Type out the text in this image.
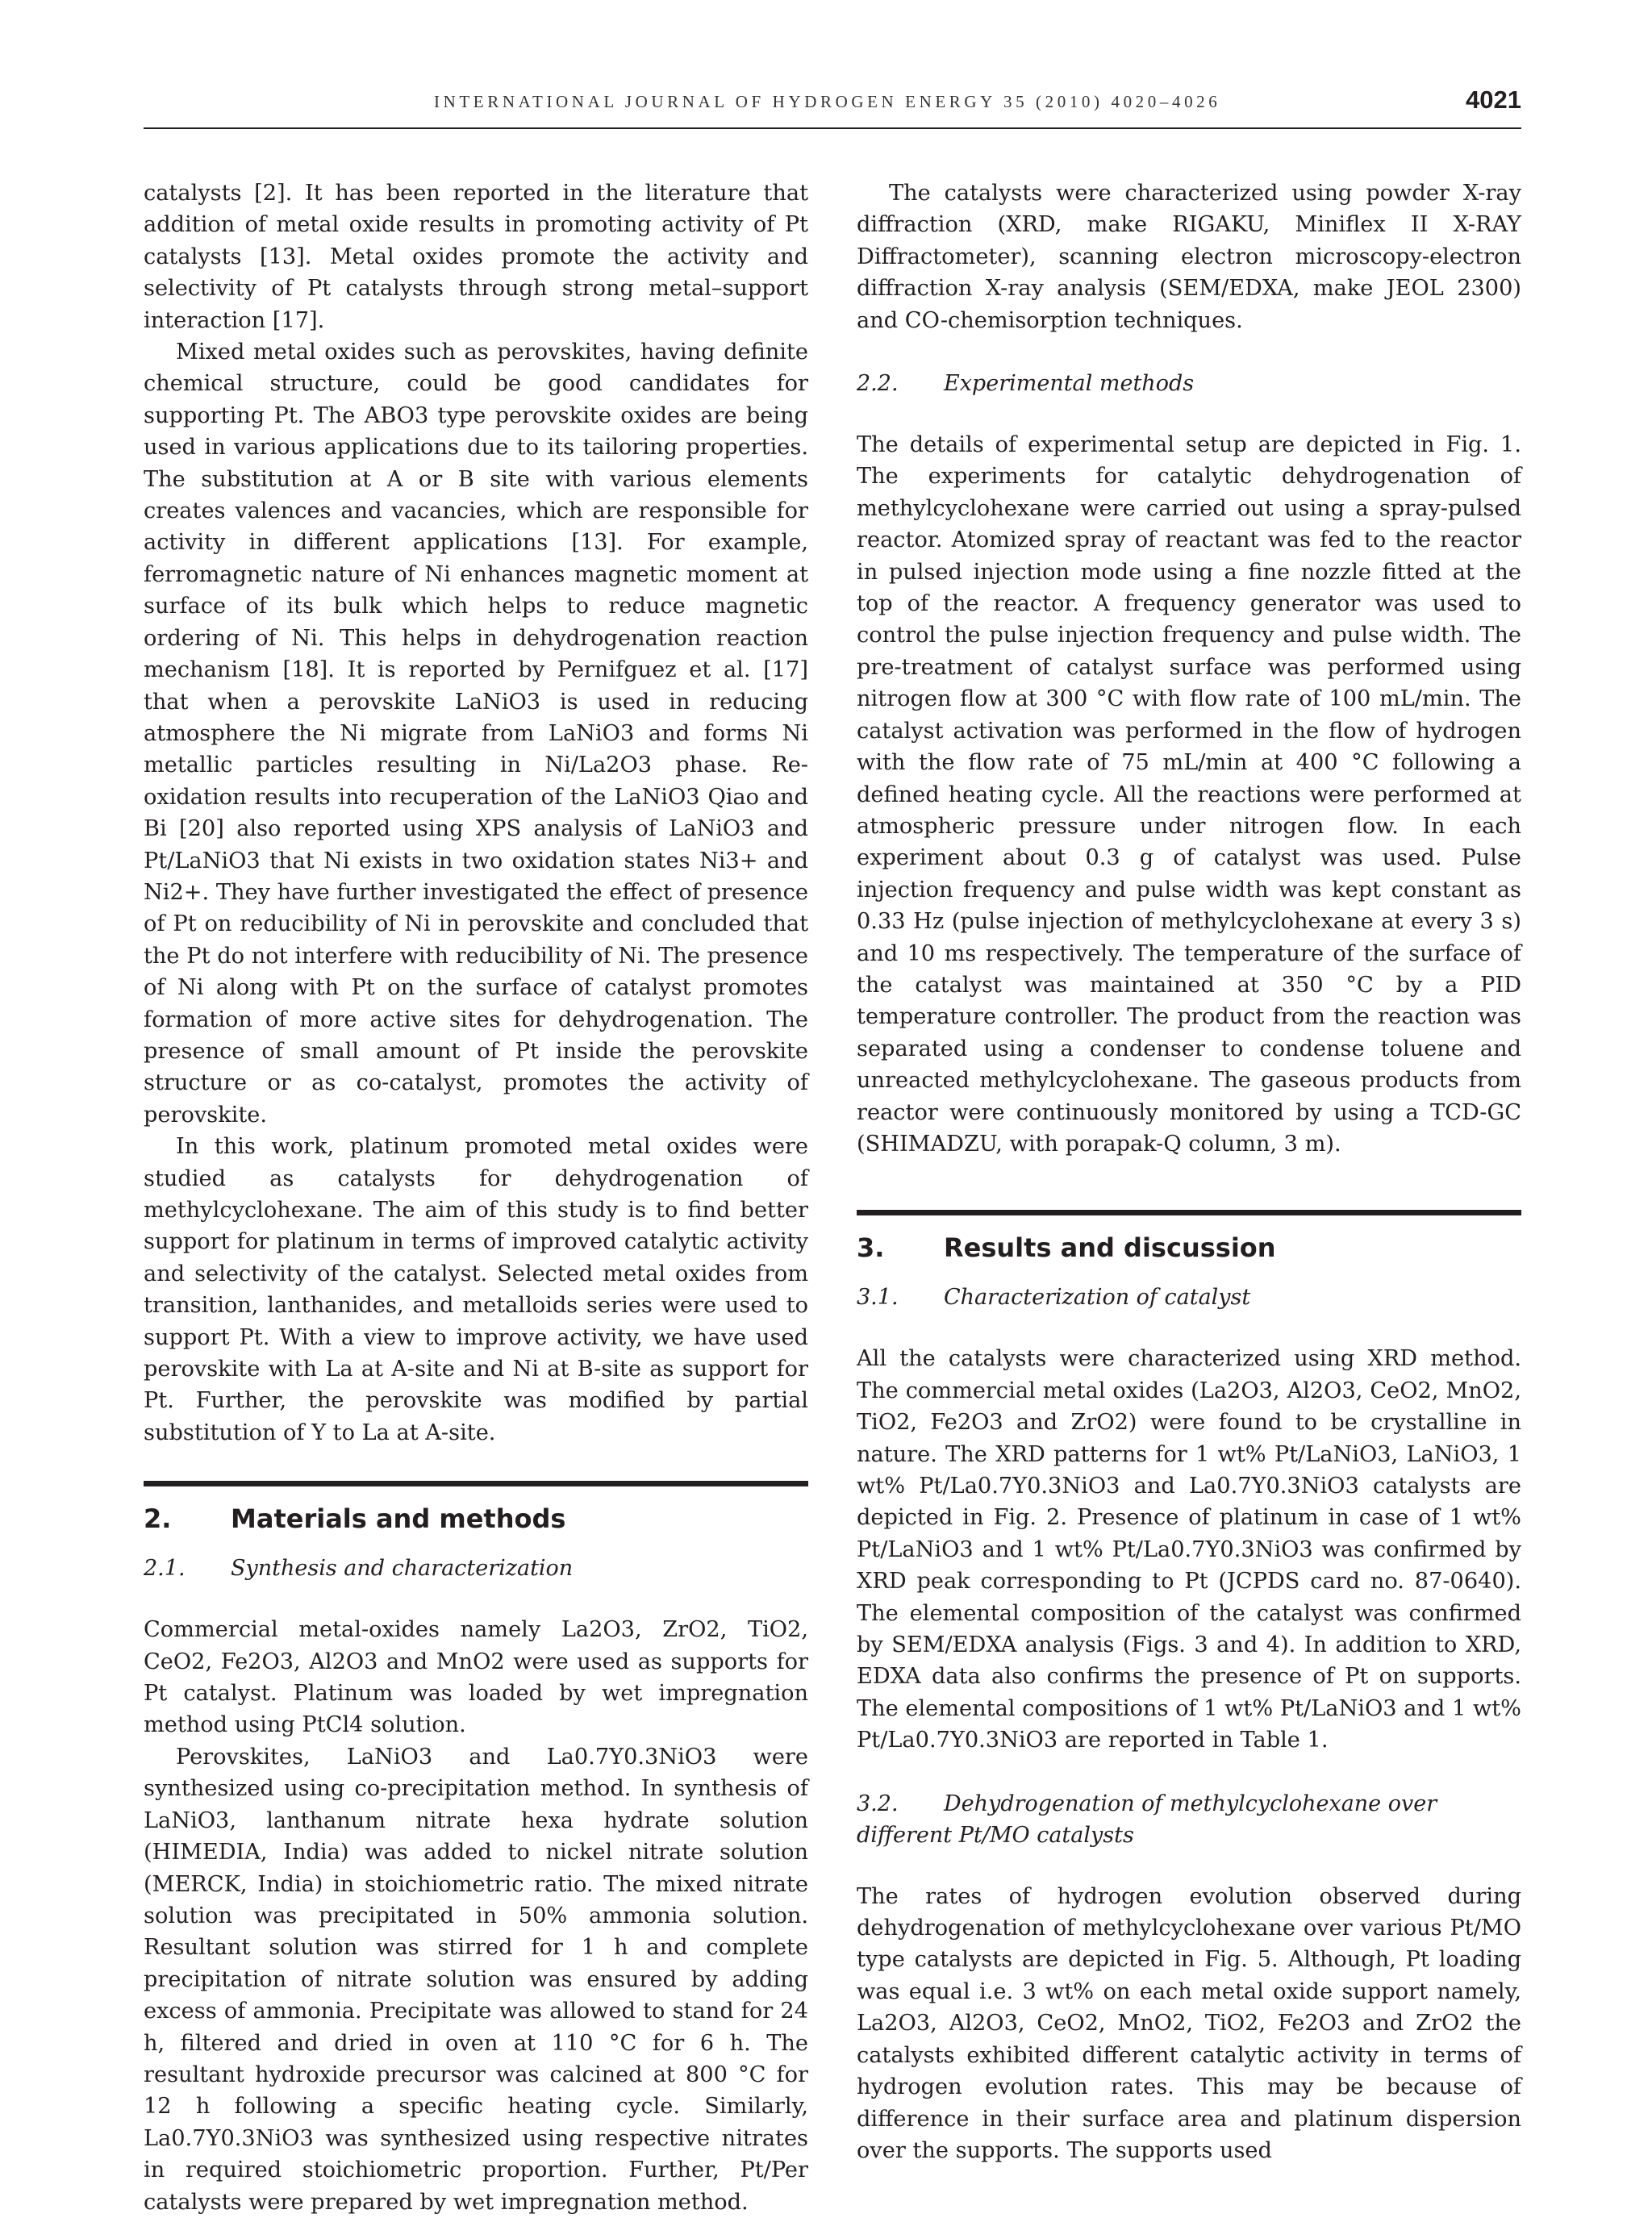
INTERNATIONAL JOURNAL OF HYDROGEN ENERGY 35 (2010) 4020–4026	4021

catalysts [2]. It has been reported in the literature that addition of metal oxide results in promoting activity of Pt catalysts [13]. Metal oxides promote the activity and selectivity of Pt catalysts through strong metal–support interaction [17].

Mixed metal oxides such as perovskites, having definite chemical structure, could be good candidates for supporting Pt. The ABO3 type perovskite oxides are being used in various applications due to its tailoring properties. The substitution at A or B site with various elements creates valences and vacancies, which are responsible for activity in different applications [13]. For example, ferromagnetic nature of Ni enhances magnetic moment at surface of its bulk which helps to reduce magnetic ordering of Ni. This helps in dehydrogenation reaction mechanism [18]. It is reported by Pernifguez et al. [17] that when a perovskite LaNiO3 is used in reducing atmosphere the Ni migrate from LaNiO3 and forms Ni metallic particles resulting in Ni/La2O3 phase. Re-oxidation results into recuperation of the LaNiO3 Qiao and Bi [20] also reported using XPS analysis of LaNiO3 and Pt/LaNiO3 that Ni exists in two oxidation states Ni3+ and Ni2+. They have further investigated the effect of presence of Pt on reducibility of Ni in perovskite and concluded that the Pt do not interfere with reducibility of Ni. The presence of Ni along with Pt on the surface of catalyst promotes formation of more active sites for dehydrogenation. The presence of small amount of Pt inside the perovskite structure or as co-catalyst, promotes the activity of perovskite.

In this work, platinum promoted metal oxides were studied as catalysts for dehydrogenation of methylcyclohexane. The aim of this study is to find better support for platinum in terms of improved catalytic activity and selectivity of the catalyst. Selected metal oxides from transition, lanthanides, and metalloids series were used to support Pt. With a view to improve activity, we have used perovskite with La at A-site and Ni at B-site as support for Pt. Further, the perovskite was modified by partial substitution of Y to La at A-site.

2. Materials and methods
2.1. Synthesis and characterization

Commercial metal-oxides namely La2O3, ZrO2, TiO2, CeO2, Fe2O3, Al2O3 and MnO2 were used as supports for Pt catalyst. Platinum was loaded by wet impregnation method using PtCl4 solution.

Perovskites, LaNiO3 and La0.7Y0.3NiO3 were synthesized using co-precipitation method. In synthesis of LaNiO3, lanthanum nitrate hexa hydrate solution (HIMEDIA, India) was added to nickel nitrate solution (MERCK, India) in stoichiometric ratio. The mixed nitrate solution was precipitated in 50% ammonia solution. Resultant solution was stirred for 1 h and complete precipitation of nitrate solution was ensured by adding excess of ammonia. Precipitate was allowed to stand for 24 h, filtered and dried in oven at 110 °C for 6 h. The resultant hydroxide precursor was calcined at 800 °C for 12 h following a specific heating cycle. Similarly, La0.7Y0.3NiO3 was synthesized using respective nitrates in required stoichiometric proportion. Further, Pt/Per catalysts were prepared by wet impregnation method.

The catalysts were characterized using powder X-ray diffraction (XRD, make RIGAKU, Miniflex II X-RAY Diffractometer), scanning electron microscopy-electron diffraction X-ray analysis (SEM/EDXA, make JEOL 2300) and CO-chemisorption techniques.

2.2. Experimental methods

The details of experimental setup are depicted in Fig. 1. The experiments for catalytic dehydrogenation of methylcyclohexane were carried out using a spray-pulsed reactor. Atomized spray of reactant was fed to the reactor in pulsed injection mode using a fine nozzle fitted at the top of the reactor. A frequency generator was used to control the pulse injection frequency and pulse width. The pre-treatment of catalyst surface was performed using nitrogen flow at 300 °C with flow rate of 100 mL/min. The catalyst activation was performed in the flow of hydrogen with the flow rate of 75 mL/min at 400 °C following a defined heating cycle. All the reactions were performed at atmospheric pressure under nitrogen flow. In each experiment about 0.3 g of catalyst was used. Pulse injection frequency and pulse width was kept constant as 0.33 Hz (pulse injection of methylcyclohexane at every 3 s) and 10 ms respectively. The temperature of the surface of the catalyst was maintained at 350 °C by a PID temperature controller. The product from the reaction was separated using a condenser to condense toluene and unreacted methylcyclohexane. The gaseous products from reactor were continuously monitored by using a TCD-GC (SHIMADZU, with porapak-Q column, 3 m).

3. Results and discussion
3.1. Characterization of catalyst

All the catalysts were characterized using XRD method. The commercial metal oxides (La2O3, Al2O3, CeO2, MnO2, TiO2, Fe2O3 and ZrO2) were found to be crystalline in nature. The XRD patterns for 1 wt% Pt/LaNiO3, LaNiO3, 1 wt% Pt/La0.7Y0.3NiO3 and La0.7Y0.3NiO3 catalysts are depicted in Fig. 2. Presence of platinum in case of 1 wt% Pt/LaNiO3 and 1 wt% Pt/La0.7Y0.3NiO3 was confirmed by XRD peak corresponding to Pt (JCPDS card no. 87-0640). The elemental composition of the catalyst was confirmed by SEM/EDXA analysis (Figs. 3 and 4). In addition to XRD, EDXA data also confirms the presence of Pt on supports. The elemental compositions of 1 wt% Pt/LaNiO3 and 1 wt% Pt/La0.7Y0.3NiO3 are reported in Table 1.

3.2. Dehydrogenation of methylcyclohexane over different Pt/MO catalysts

The rates of hydrogen evolution observed during dehydrogenation of methylcyclohexane over various Pt/MO type catalysts are depicted in Fig. 5. Although, Pt loading was equal i.e. 3 wt% on each metal oxide support namely, La2O3, Al2O3, CeO2, MnO2, TiO2, Fe2O3 and ZrO2 the catalysts exhibited different catalytic activity in terms of hydrogen evolution rates. This may be because of difference in their surface area and platinum dispersion over the supports. The supports used
